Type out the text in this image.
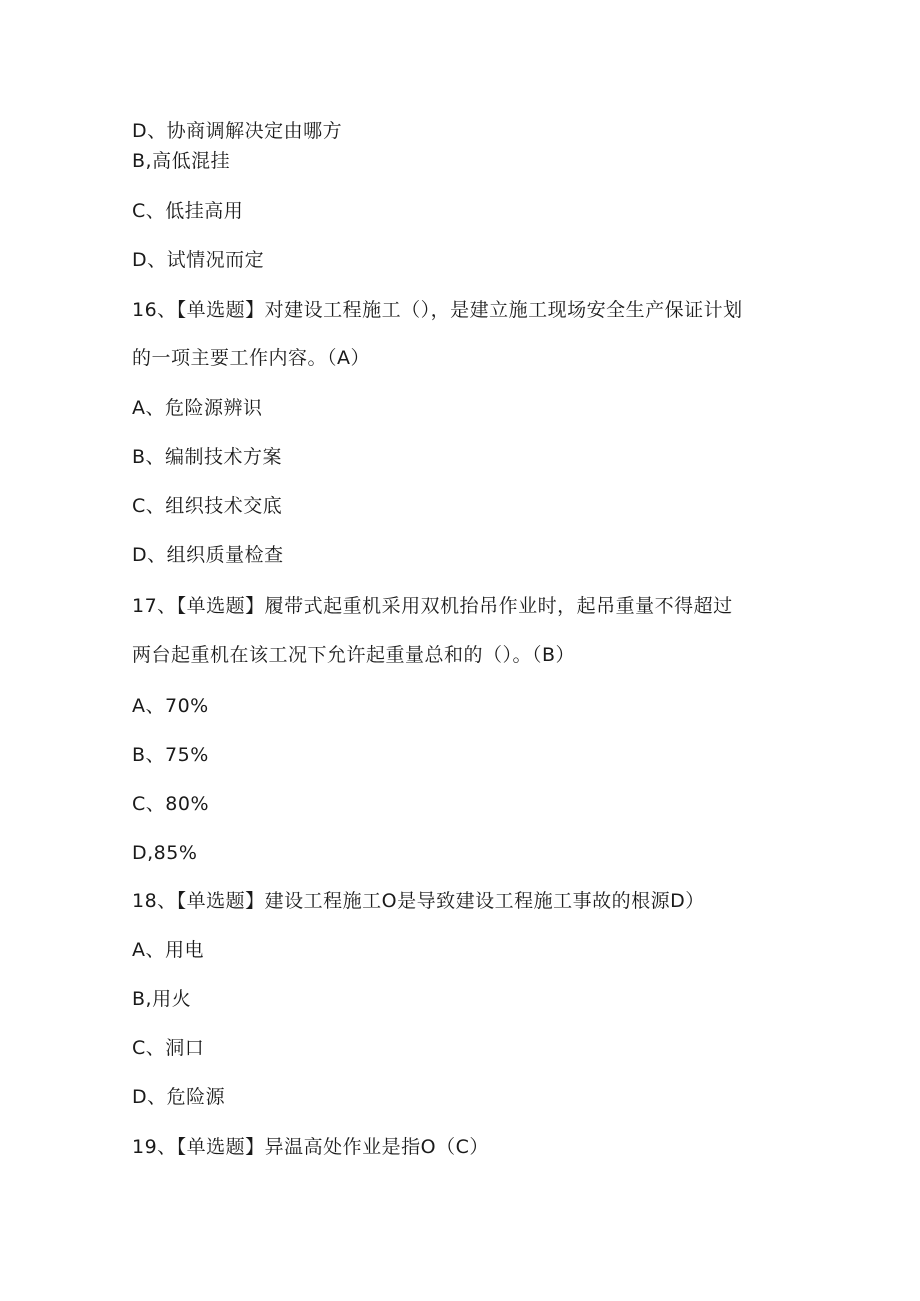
D、协商调解决定由哪方
B,高低混挂
C、低挂高用
D、试情况而定
16、【单选题】对建设工程施工（），是建立施工现场安全生产保证计划
的一项主要工作内容。（A）
A、危险源辨识
B、编制技术方案
C、组织技术交底
D、组织质量检查
17、【单选题】履带式起重机采用双机抬吊作业时，起吊重量不得超过
两台起重机在该工况下允许起重量总和的（）。（B）
A、70%
B、75%
C、80%
D,85%
18、【单选题】建设工程施工O是导致建设工程施工事故的根源D）
A、用电
B,用火
C、洞口
D、危险源
19、【单选题】异温高处作业是指O（C）
